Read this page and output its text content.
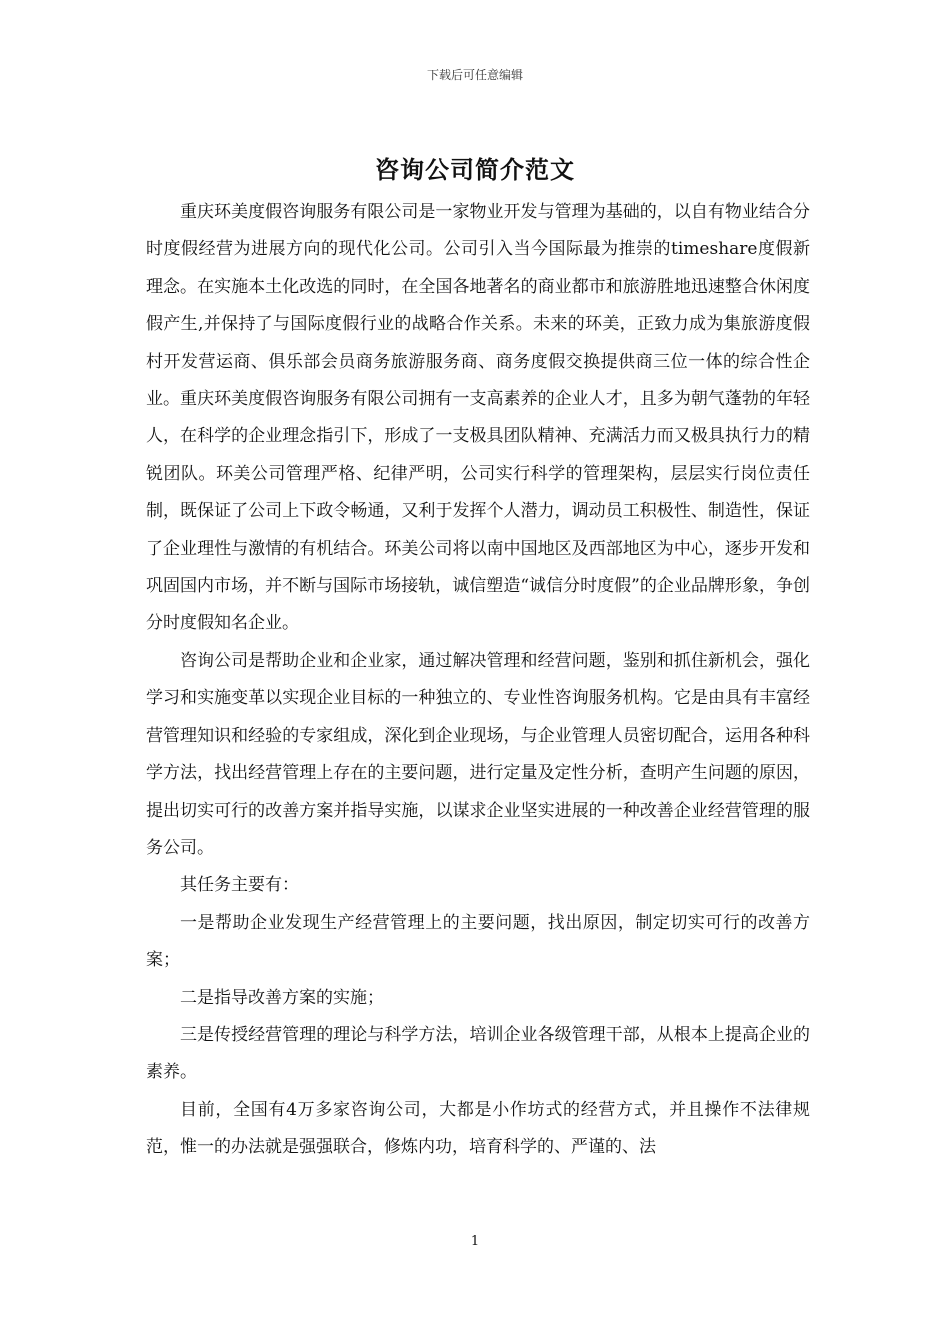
下载后可任意编辑
咨询公司简介范文

重庆环美度假咨询服务有限公司是一家物业开发与管理为基础的，以自有物业结合分时度假经营为进展方向的现代化公司。公司引入当今国际最为推崇的timeshare度假新理念。在实施本土化改选的同时，在全国各地著名的商业都市和旅游胜地迅速整合休闲度假产生,并保持了与国际度假行业的战略合作关系。未来的环美，正致力成为集旅游度假村开发营运商、俱乐部会员商务旅游服务商、商务度假交换提供商三位一体的综合性企业。重庆环美度假咨询服务有限公司拥有一支高素养的企业人才，且多为朝气蓬勃的年轻人，在科学的企业理念指引下，形成了一支极具团队精神、充满活力而又极具执行力的精锐团队。环美公司管理严格、纪律严明，公司实行科学的管理架构，层层实行岗位责任制，既保证了公司上下政令畅通，又利于发挥个人潜力，调动员工积极性、制造性，保证了企业理性与激情的有机结合。环美公司将以南中国地区及西部地区为中心，逐步开发和巩固国内市场，并不断与国际市场接轨，诚信塑造“诚信分时度假”的企业品牌形象，争创分时度假知名企业。

咨询公司是帮助企业和企业家，通过解决管理和经营问题，鉴别和抓住新机会，强化学习和实施变革以实现企业目标的一种独立的、专业性咨询服务机构。它是由具有丰富经营管理知识和经验的专家组成，深化到企业现场，与企业管理人员密切配合，运用各种科学方法，找出经营管理上存在的主要问题，进行定量及定性分析，查明产生问题的原因，提出切实可行的改善方案并指导实施，以谋求企业坚实进展的一种改善企业经营管理的服务公司。

其任务主要有：

一是帮助企业发现生产经营管理上的主要问题，找出原因，制定切实可行的改善方案；

二是指导改善方案的实施；

三是传授经营管理的理论与科学方法，培训企业各级管理干部，从根本上提高企业的素养。

目前，全国有4万多家咨询公司，大都是小作坊式的经营方式，并且操作不法律规范，惟一的办法就是强强联合，修炼内功，培育科学的、严谨的、法

1
